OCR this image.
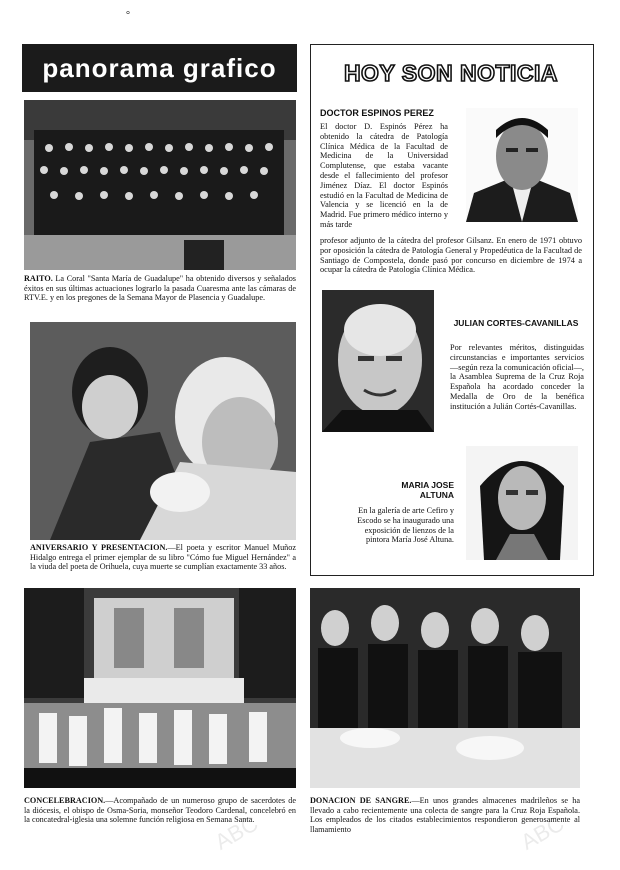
°
panorama grafico

RAITO. La Coral "Santa María de Guadalupe" ha obtenido diversos y señalados éxitos en sus últimas actuaciones lograrlo la pasada Cuaresma ante las cámaras de RTV.E. y en los pregones de la Semana Mayor de Plasencia y Guadalupe.

ANIVERSARIO Y PRESENTACION.—El poeta y escritor Manuel Muñoz Hidalgo entrega el primer ejemplar de su libro "Cómo fue Miguel Hernández" a la viuda del poeta de Orihuela, cuya muerte se cumplían exactamente 33 años.

CONCELEBRACION.—Acompañado de un numeroso grupo de sacerdotes de la diócesis, el obispo de Osma-Soria, monseñor Teodoro Cardenal, concelebró en la concatedral-iglesia una solemne función religiosa en Semana Santa.

HOY SON NOTICIA

DOCTOR ESPINOS PEREZ

El doctor D. Espinós Pérez ha obtenido la cátedra de Patología Clínica Médica de la Facultad de Medicina de la Universidad Complutense, que estaba vacante desde el fallecimiento del profesor Jiménez Díaz. El doctor Espinós estudió en la Facultad de Medicina de Valencia y se licenció en la de Madrid. Fue primero médico interno y más tarde

profesor adjunto de la cátedra del profesor Gilsanz. En enero de 1971 obtuvo por oposición la cátedra de Patología General y Propedéutica de la Facultad de Santiago de Compostela, donde pasó por concurso en diciembre de 1974 a ocupar la cátedra de Patología Clínica Médica.

JULIAN CORTES-CAVANILLAS

Por relevantes méritos, distinguidas circunstancias e importantes servicios —según reza la comunicación oficial—, la Asamblea Suprema de la Cruz Roja Española ha acordado conceder la Medalla de Oro de la benéfica institución a Julián Cortés-Cavanillas.

MARIA JOSE ALTUNA

En la galería de arte Cefiro y Escodo se ha inaugurado una exposición de lienzos de la pintora María José Altuna.

DONACION DE SANGRE.—En unos grandes almacenes madrileños se ha llevado a cabo recientemente una colecta de sangre para la Cruz Roja Española. Los empleados de los citados establecimientos respondieron generosamente al llamamiento

ABC	ABC
